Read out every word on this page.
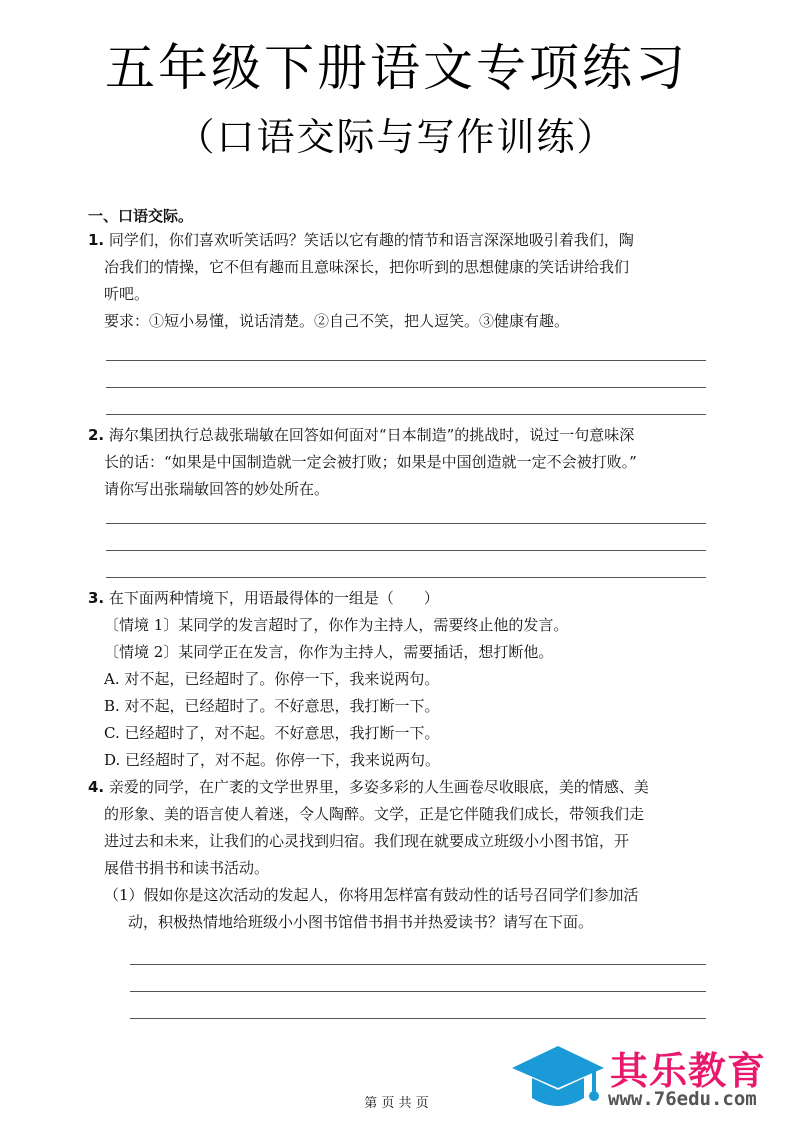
五年级下册语文专项练习
（口语交际与写作训练）
一、口语交际。
1. 同学们，你们喜欢听笑话吗？笑话以它有趣的情节和语言深深地吸引着我们，陶
冶我们的情操，它不但有趣而且意味深长，把你听到的思想健康的笑话讲给我们
听吧。
要求：①短小易懂，说话清楚。②自己不笑，把人逗笑。③健康有趣。
2. 海尔集团执行总裁张瑞敏在回答如何面对“日本制造”的挑战时，说过一句意味深
长的话：“如果是中国制造就一定会被打败；如果是中国创造就一定不会被打败。”
请你写出张瑞敏回答的妙处所在。
3. 在下面两种情境下，用语最得体的一组是（　　）
〔情境 1〕某同学的发言超时了，你作为主持人，需要终止他的发言。
〔情境 2〕某同学正在发言，你作为主持人，需要插话，想打断他。
A. 对不起，已经超时了。你停一下，我来说两句。
B. 对不起，已经超时了。不好意思，我打断一下。
C. 已经超时了，对不起。不好意思，我打断一下。
D. 已经超时了，对不起。你停一下，我来说两句。
4. 亲爱的同学，在广袤的文学世界里，多姿多彩的人生画卷尽收眼底，美的情感、美
的形象、美的语言使人着迷，令人陶醉。文学，正是它伴随我们成长，带领我们走
进过去和未来，让我们的心灵找到归宿。我们现在就要成立班级小小图书馆，开
展借书捐书和读书活动。
（1）假如你是这次活动的发起人，你将用怎样富有鼓动性的话号召同学们参加活
动，积极热情地给班级小小图书馆借书捐书并热爱读书？请写在下面。
第 页 共 页
其乐教育
www.76edu.com
